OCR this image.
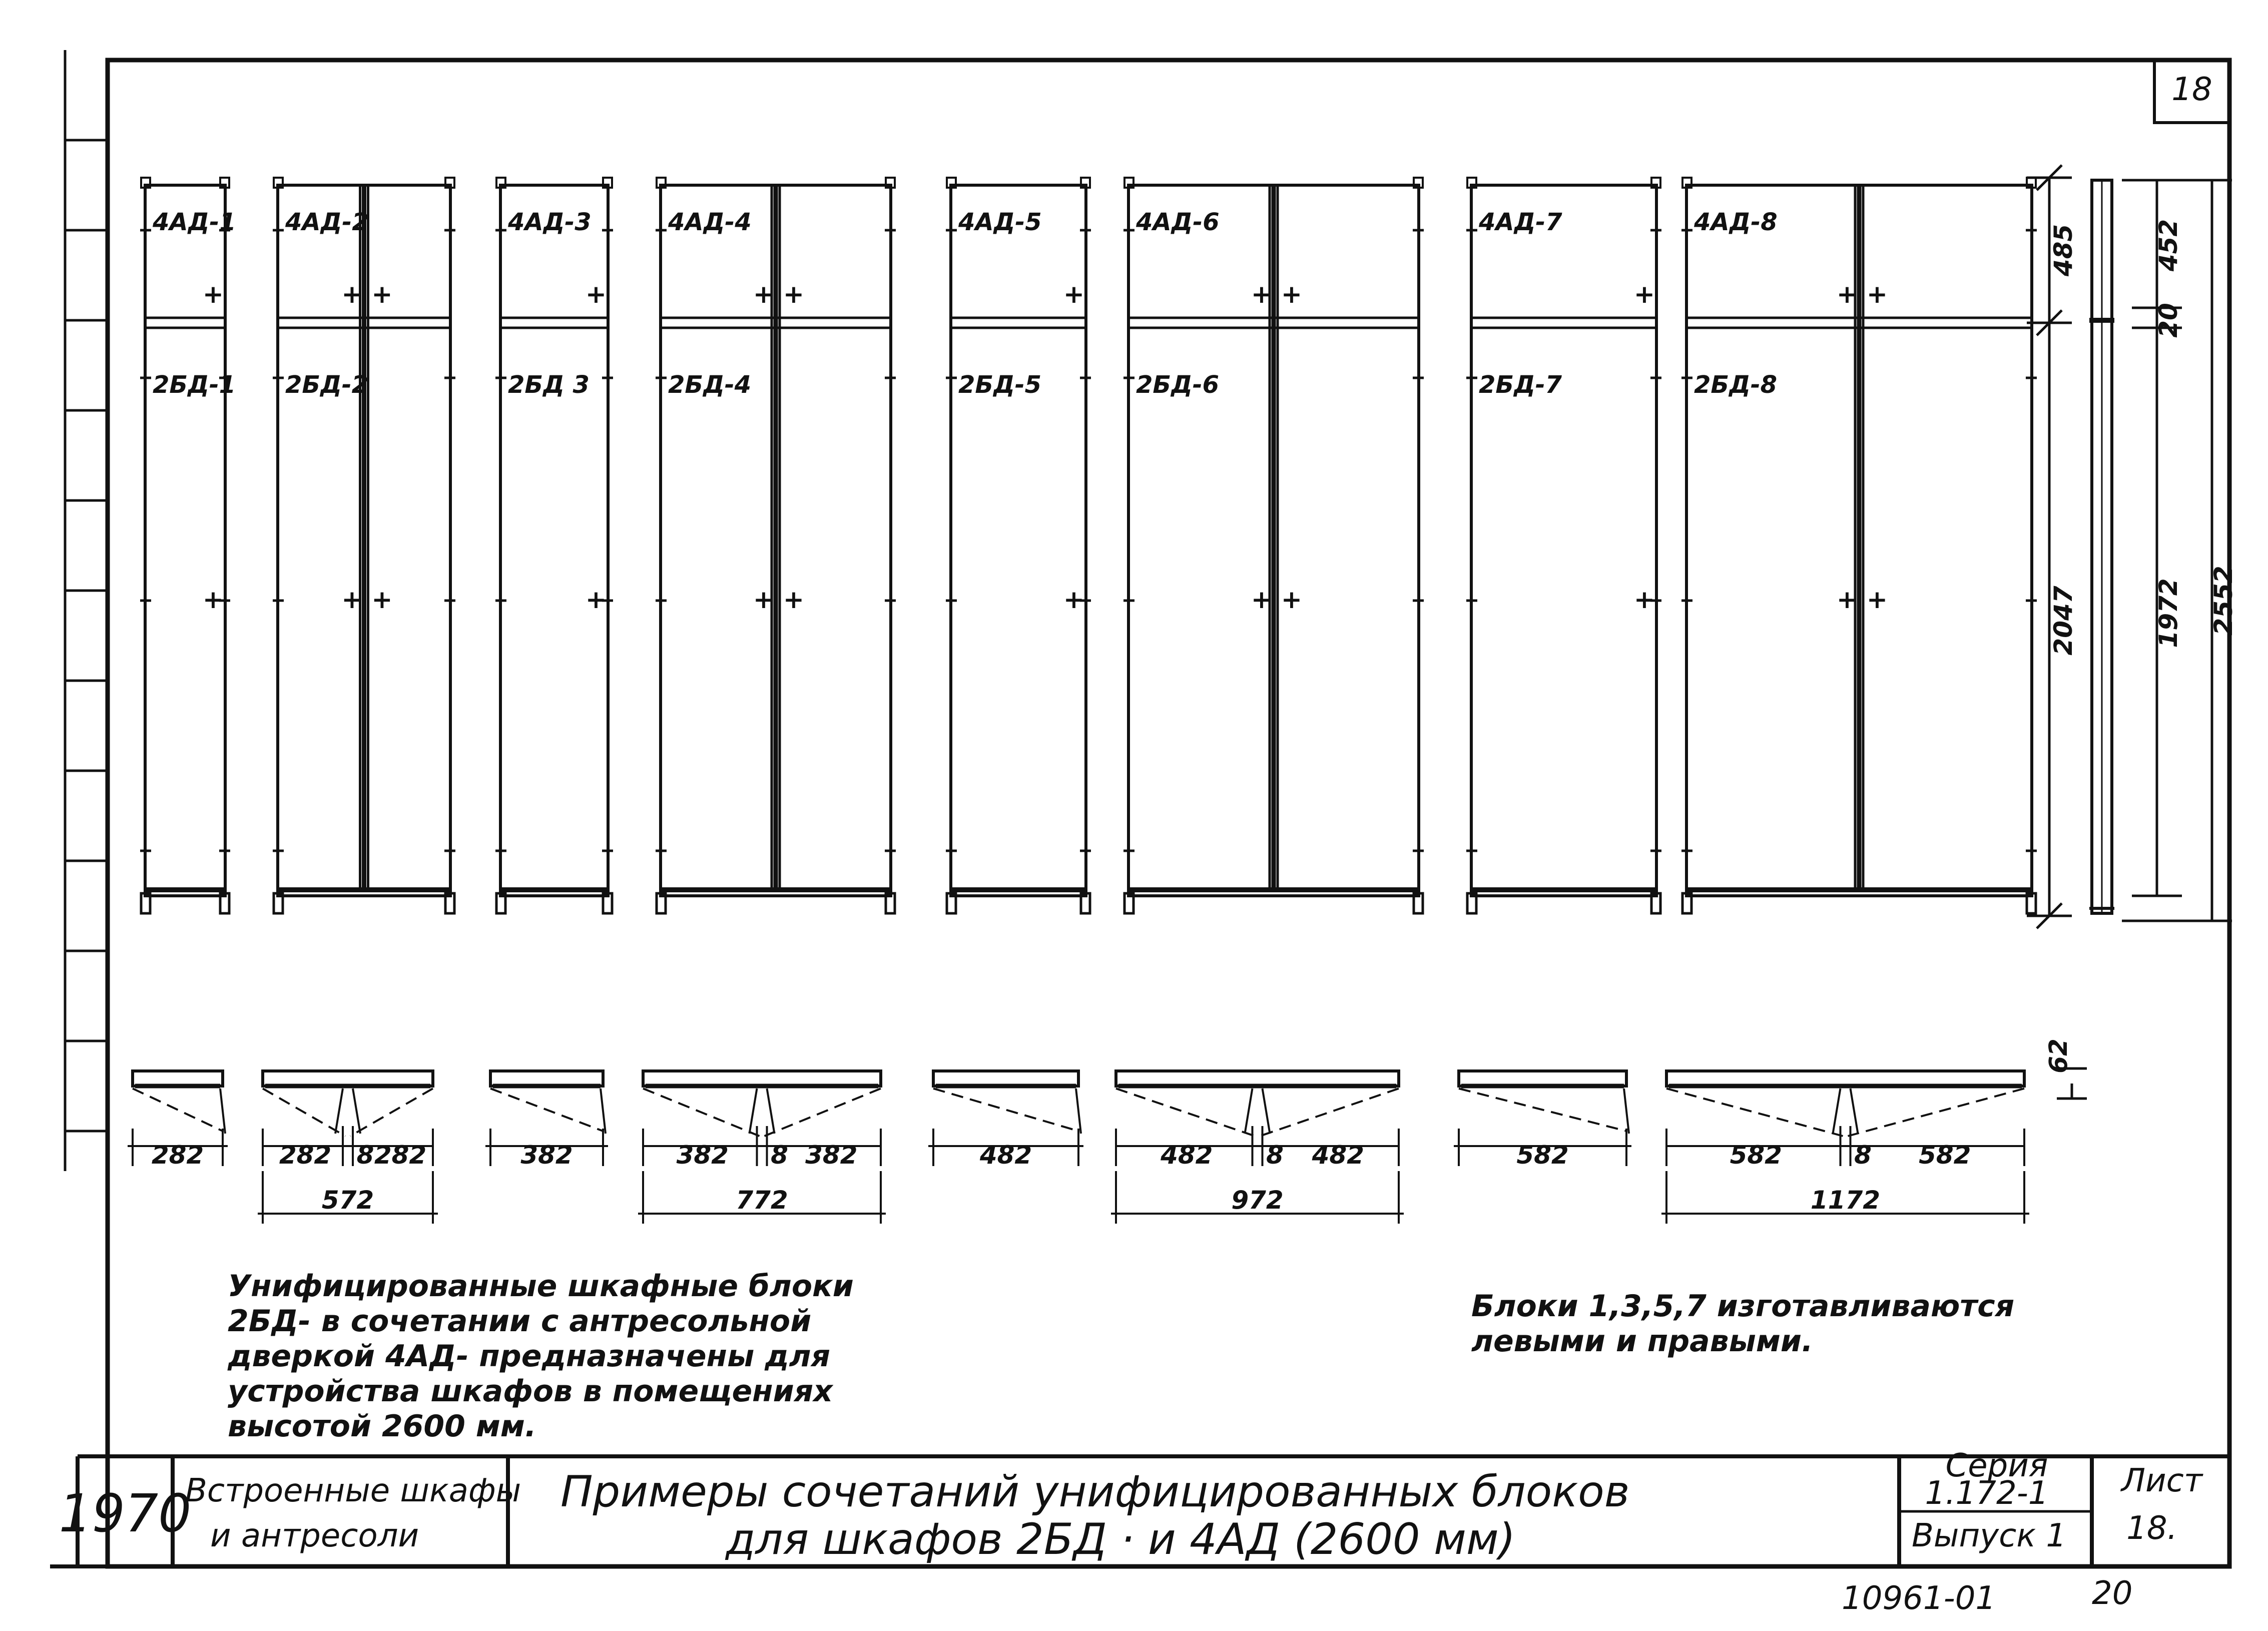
18
+
+
4АД-1
2БД-1
+ +
+ +
4АД-2
2БД-2
+
+
4АД-3
2БД 3
+ +
+ +
4АД-4
2БД-4
+
+
4АД-5
2БД-5
+ +
+ +
4АД-6
2БД-6
+
+
4АД-7
2БД-7
+ +
+ +
4АД-8
2БД-8
485
2047
452
20
1972 2552
282	282 8 282
572
382	382 8 382
772
482	482 8 482
972
582	582	8 582
1172
62
Унифицированные шкафные блоки
2БД- в сочетании с антресольной
дверкой 4АД- предназначены для
устройства шкафов в помещениях
высотой 2600 мм.
Блоки 1,3,5,7 изготавливаются
левыми и правыми.
1970
Встроенные шкафы
и антресоли
Примеры сочетаний унифицированных блоков
для шкафов 2БД · и 4АД (2600 мм)
Серия
1.172-1
Выпуск 1
Лист
18.
10961-01	20
